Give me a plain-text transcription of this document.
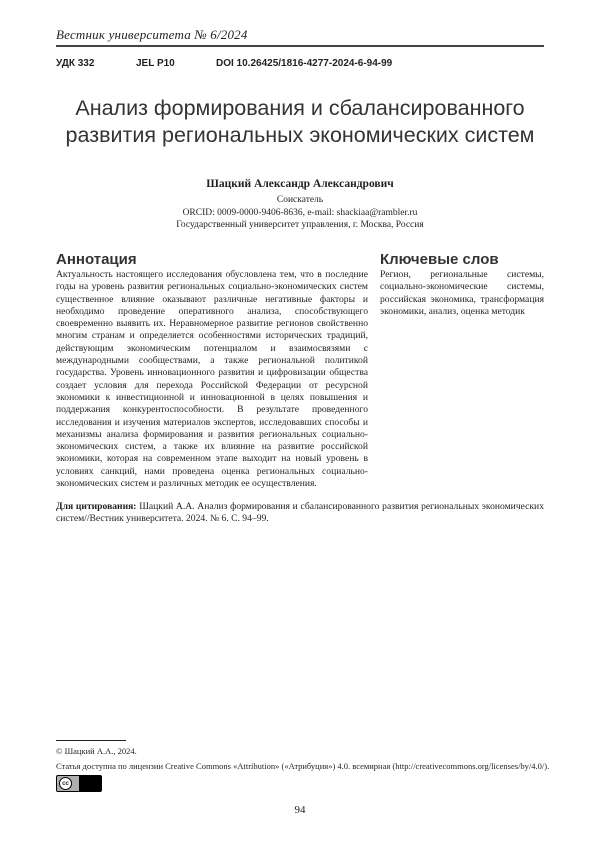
Вестник университета № 6/2024
УДК 332	JEL P10	DOI 10.26425/1816-4277-2024-6-94-99
Анализ формирования и сбалансированного
развития региональных экономических систем
Шацкий Александр Александрович
Соискатель
ORCID: 0009-0000-9406-8636, e-mail: shackiaa@rambler.ru
Государственный университет управления, г. Москва, Россия
Аннотация	Ключевые слов

Актуальность настоящего исследования обусловлена тем, что в последние годы на уровень развития региональных социально-экономических систем существенное влияние оказывают различные негативные факторы и необходимо проведение оперативного анализа, способствующего своевременно выявить их. Неравномерное развитие регионов свойственно многим странам и определяется особенностями исторических традиций, действующим экономическим потенциалом и взаимосвязями с международными сообществами, а также региональной политикой государства. Уровень инновационного развития и цифровизации общества создает условия для перехода Российской Федерации от ресурсной экономики к инвестиционной и инновационной в целях повышения и поддержания конкурентоспособности. В результате проведенного исследования и изучения материалов экспертов, исследовавших способы и механизмы анализа формирования и развития региональных социально-экономических систем, а также их влияние на развитие российской экономики, которая на современном этапе выходит на новый уровень в условиях санкций, нами проведена оценка региональных социально-экономических систем и различных методик ее осуществления.

Регион, региональные системы, социально-экономические системы, российская экономика, трансформация экономики, анализ, оценка методик

Для цитирования: Шацкий А.А. Анализ формирования и сбалансированного развития региональных экономических систем//Вестник университета. 2024. № 6. С. 94–99.

© Шацкий А.А., 2024.
Статья доступна по лицензии Creative Commons «Attribution» («Атрибуция») 4.0. всемирная (http://creativecommons.org/licenses/by/4.0/).
cc
94
